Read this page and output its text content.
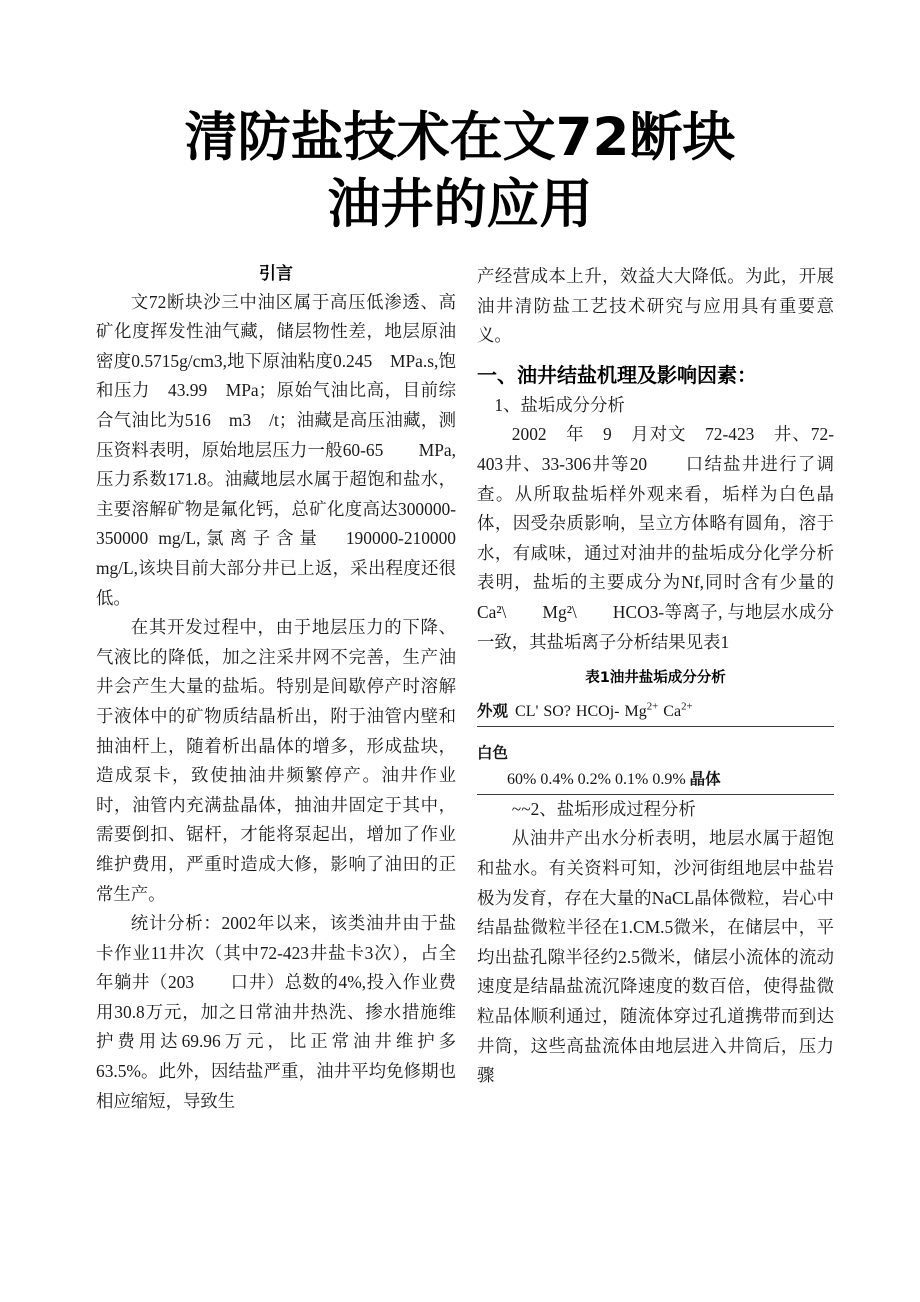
清防盐技术在文72断块
油井的应用
引言

文72断块沙三中油区属于高压低渗透、高矿化度挥发性油气藏，储层物性差，地层原油密度0.5715g/cm3,地下原油粘度0.245　MPa.s,饱和压力　43.99　MPa；原始气油比高，目前综合气油比为516　m3　/t；油藏是高压油藏，测压资料表明，原始地层压力一般60-65　　MPa,压力系数171.8。油藏地层水属于超饱和盐水，主要溶解矿物是氟化钙，总矿化度高达300000-350000 mg/L,氯离子含量　190000-210000　mg/L,该块目前大部分井已上返，采出程度还很低。

在其开发过程中，由于地层压力的下降、气液比的降低，加之注采井网不完善，生产油井会产生大量的盐垢。特别是间歇停产时溶解于液体中的矿物质结晶析出，附于油管内壁和抽油杆上，随着析出晶体的增多，形成盐块，造成泵卡，致使抽油井频繁停产。油井作业时，油管内充满盐晶体，抽油井固定于其中，需要倒扣、锯杆，才能将泵起出，增加了作业维护费用，严重时造成大修，影响了油田的正常生产。

统计分析：2002年以来，该类油井由于盐卡作业11井次（其中72-423井盐卡3次），占全年躺井（203　　口井）总数的4%,投入作业费用30.8万元，加之日常油井热洗、掺水措施维护费用达69.96万元，比正常油井维护多63.5%。此外，因结盐严重，油井平均免修期也相应缩短，导致生

产经营成本上升，效益大大降低。为此，开展油井清防盐工艺技术研究与应用具有重要意义。

一、油井结盐机理及影响因素：

1、盐垢成分分析

2002　年　9　月对文　72-423　井、72-403井、33-306井等20　　口结盐井进行了调查。从所取盐垢样外观来看，垢样为白色晶体，因受杂质影响，呈立方体略有圆角，溶于水，有咸味，通过对油井的盐垢成分化学分析表明，盐垢的主要成分为Nf,同时含有少量的Ca²\　　Mg²\　　HCO3-等离子, 与地层水成分一致，其盐垢离子分析结果见表1

表1油井盐垢成分分析
外观 CL' SO? HCOj- $Mg^{2+}$ $Ca^{2+}$

白色
60% 0.4% 0.2% 0.1% 0.9% 晶体

~~2、盐垢形成过程分析

从油井产出水分析表明，地层水属于超饱和盐水。有关资料可知，沙河街组地层中盐岩极为发育，存在大量的NaCL晶体微粒，岩心中结晶盐微粒半径在1.CM.5微米，在储层中，平均出盐孔隙半径约2.5微米，储层小流体的流动速度是结晶盐流沉降速度的数百倍，使得盐微粒品体顺利通过，随流体穿过孔道携带而到达井筒，这些高盐流体由地层进入井筒后，压力骤
